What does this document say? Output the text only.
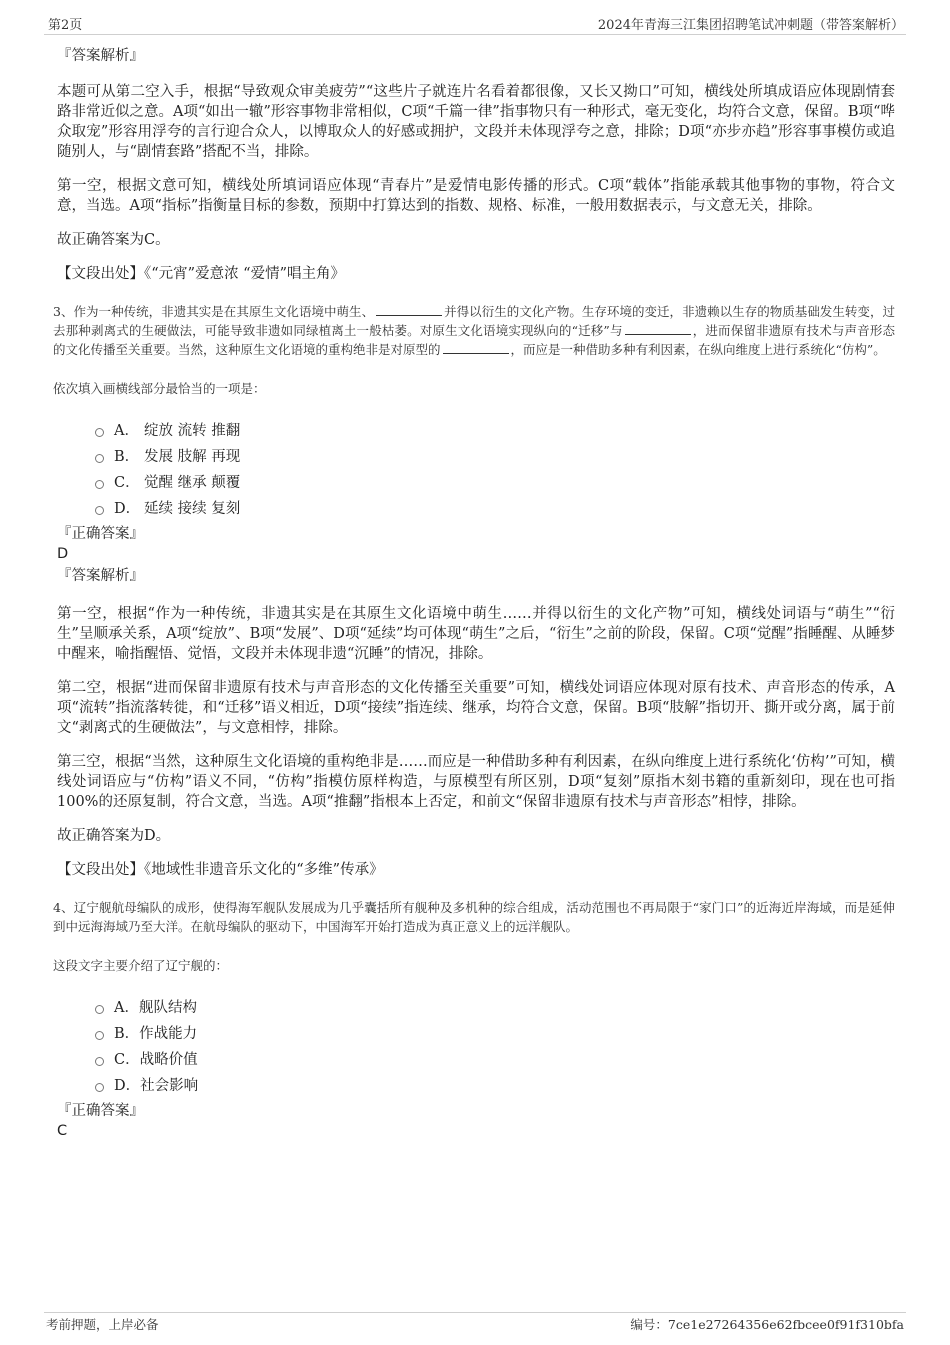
第2页	2024年青海三江集团招聘笔试冲刺题（带答案解析）
『答案解析』
本题可从第二空入手，根据“导致观众审美疲劳”“这些片子就连片名看着都很像，又长又拗口”可知，横线处所填成语应体现剧情套路非常近似之意。A项“如出一辙”形容事物非常相似，C项“千篇一律”指事物只有一种形式，毫无变化，均符合文意，保留。B项“哗众取宠”形容用浮夸的言行迎合众人，以博取众人的好感或拥护，文段并未体现浮夸之意，排除；D项“亦步亦趋”形容事事模仿或追随别人，与“剧情套路”搭配不当，排除。
第一空，根据文意可知，横线处所填词语应体现“青春片”是爱情电影传播的形式。C项“载体”指能承载其他事物的事物，符合文意，当选。A项“指标”指衡量目标的参数，预期中打算达到的指数、规格、标准，一般用数据表示，与文意无关，排除。
故正确答案为C。
【文段出处】《“元宵”爱意浓 “爱情”唱主角》
3、作为一种传统，非遗其实是在其原生文化语境中萌生、	并得以衍生的文化产物。生存环境的变迁，非遗赖以生存的物质基础发生转变，过去那种剥离式的生硬做法，可能导致非遗如同绿植离土一般枯萎。对原生文化语境实现纵向的“迁移”与	，进而保留非遗原有技术与声音形态的文化传播至关重要。当然，这种原生文化语境的重构绝非是对原型的	，而应是一种借助多种有利因素，在纵向维度上进行系统化“仿构”。
依次填入画横线部分最恰当的一项是：
A． 绽放 流转 推翻
B． 发展 肢解 再现
C． 觉醒 继承 颠覆
D． 延续 接续 复刻
『正确答案』
D
『答案解析』
第一空，根据“作为一种传统，非遗其实是在其原生文化语境中萌生……并得以衍生的文化产物”可知，横线处词语与“萌生”“衍生”呈顺承关系，A项“绽放”、B项“发展”、D项“延续”均可体现“萌生”之后，“衍生”之前的阶段，保留。C项“觉醒”指睡醒、从睡梦中醒来，喻指醒悟、觉悟，文段并未体现非遗“沉睡”的情况，排除。
第二空，根据“进而保留非遗原有技术与声音形态的文化传播至关重要”可知，横线处词语应体现对原有技术、声音形态的传承，A项“流转”指流落转徙，和“迁移”语义相近，D项“接续”指连续、继承，均符合文意，保留。B项“肢解”指切开、撕开或分离，属于前文“剥离式的生硬做法”，与文意相悖，排除。
第三空，根据“当然，这种原生文化语境的重构绝非是……而应是一种借助多种有利因素，在纵向维度上进行系统化‘仿构’”可知，横线处词语应与“仿构”语义不同，“仿构”指模仿原样构造，与原模型有所区别，D项“复刻”原指木刻书籍的重新刻印，现在也可指100%的还原复制，符合文意，当选。A项“推翻”指根本上否定，和前文“保留非遗原有技术与声音形态”相悖，排除。
故正确答案为D。
【文段出处】《地域性非遗音乐文化的“多维”传承》
4、辽宁舰航母编队的成形，使得海军舰队发展成为几乎囊括所有舰种及多机种的综合组成，活动范围也不再局限于“家门口”的近海近岸海域，而是延伸到中远海海域乃至大洋。在航母编队的驱动下，中国海军开始打造成为真正意义上的远洋舰队。
这段文字主要介绍了辽宁舰的：
A． 舰队结构
B． 作战能力
C． 战略价值
D． 社会影响
『正确答案』
C
考前押题，上岸必备	编号：7ce1e27264356e62fbcee0f91f310bfa
